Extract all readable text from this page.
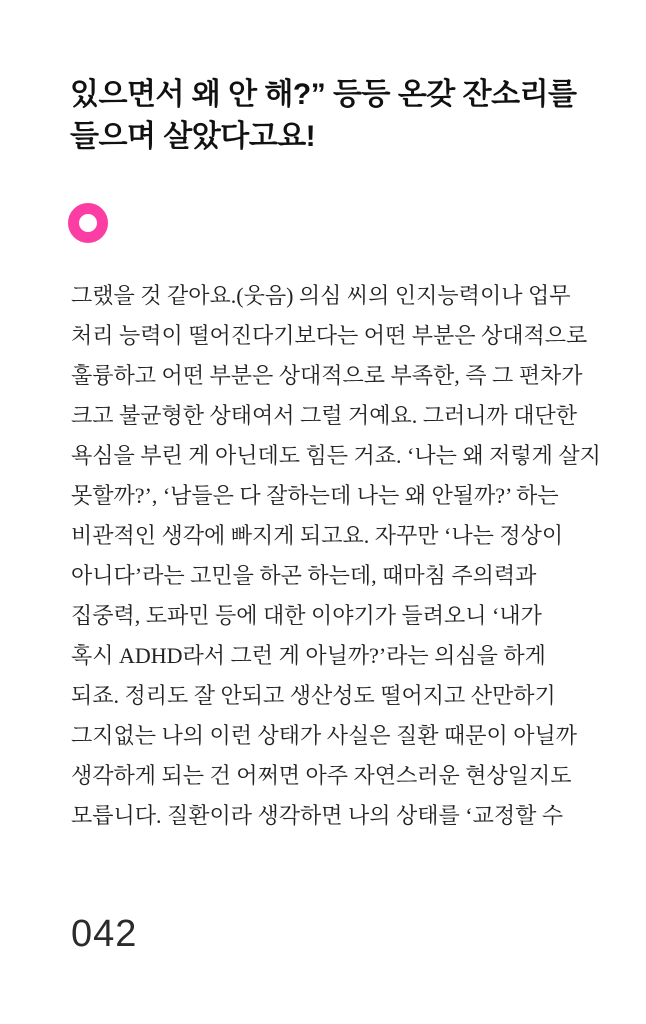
있으면서 왜 안 해?” 등등 온갖 잔소리를
들으며 살았다고요!
그랬을 것 같아요.(웃음) 의심 씨의 인지능력이나 업무
처리 능력이 떨어진다기보다는 어떤 부분은 상대적으로
훌륭하고 어떤 부분은 상대적으로 부족한, 즉 그 편차가
크고 불균형한 상태여서 그럴 거예요. 그러니까 대단한
욕심을 부린 게 아닌데도 힘든 거죠. ‘나는 왜 저렇게 살지
못할까?’, ‘남들은 다 잘하는데 나는 왜 안될까?’ 하는
비관적인 생각에 빠지게 되고요. 자꾸만 ‘나는 정상이
아니다’라는 고민을 하곤 하는데, 때마침 주의력과
집중력, 도파민 등에 대한 이야기가 들려오니 ‘내가
혹시 ADHD라서 그런 게 아닐까?’라는 의심을 하게
되죠. 정리도 잘 안되고 생산성도 떨어지고 산만하기
그지없는 나의 이런 상태가 사실은 질환 때문이 아닐까
생각하게 되는 건 어쩌면 아주 자연스러운 현상일지도
모릅니다. 질환이라 생각하면 나의 상태를 ‘교정할 수
042
